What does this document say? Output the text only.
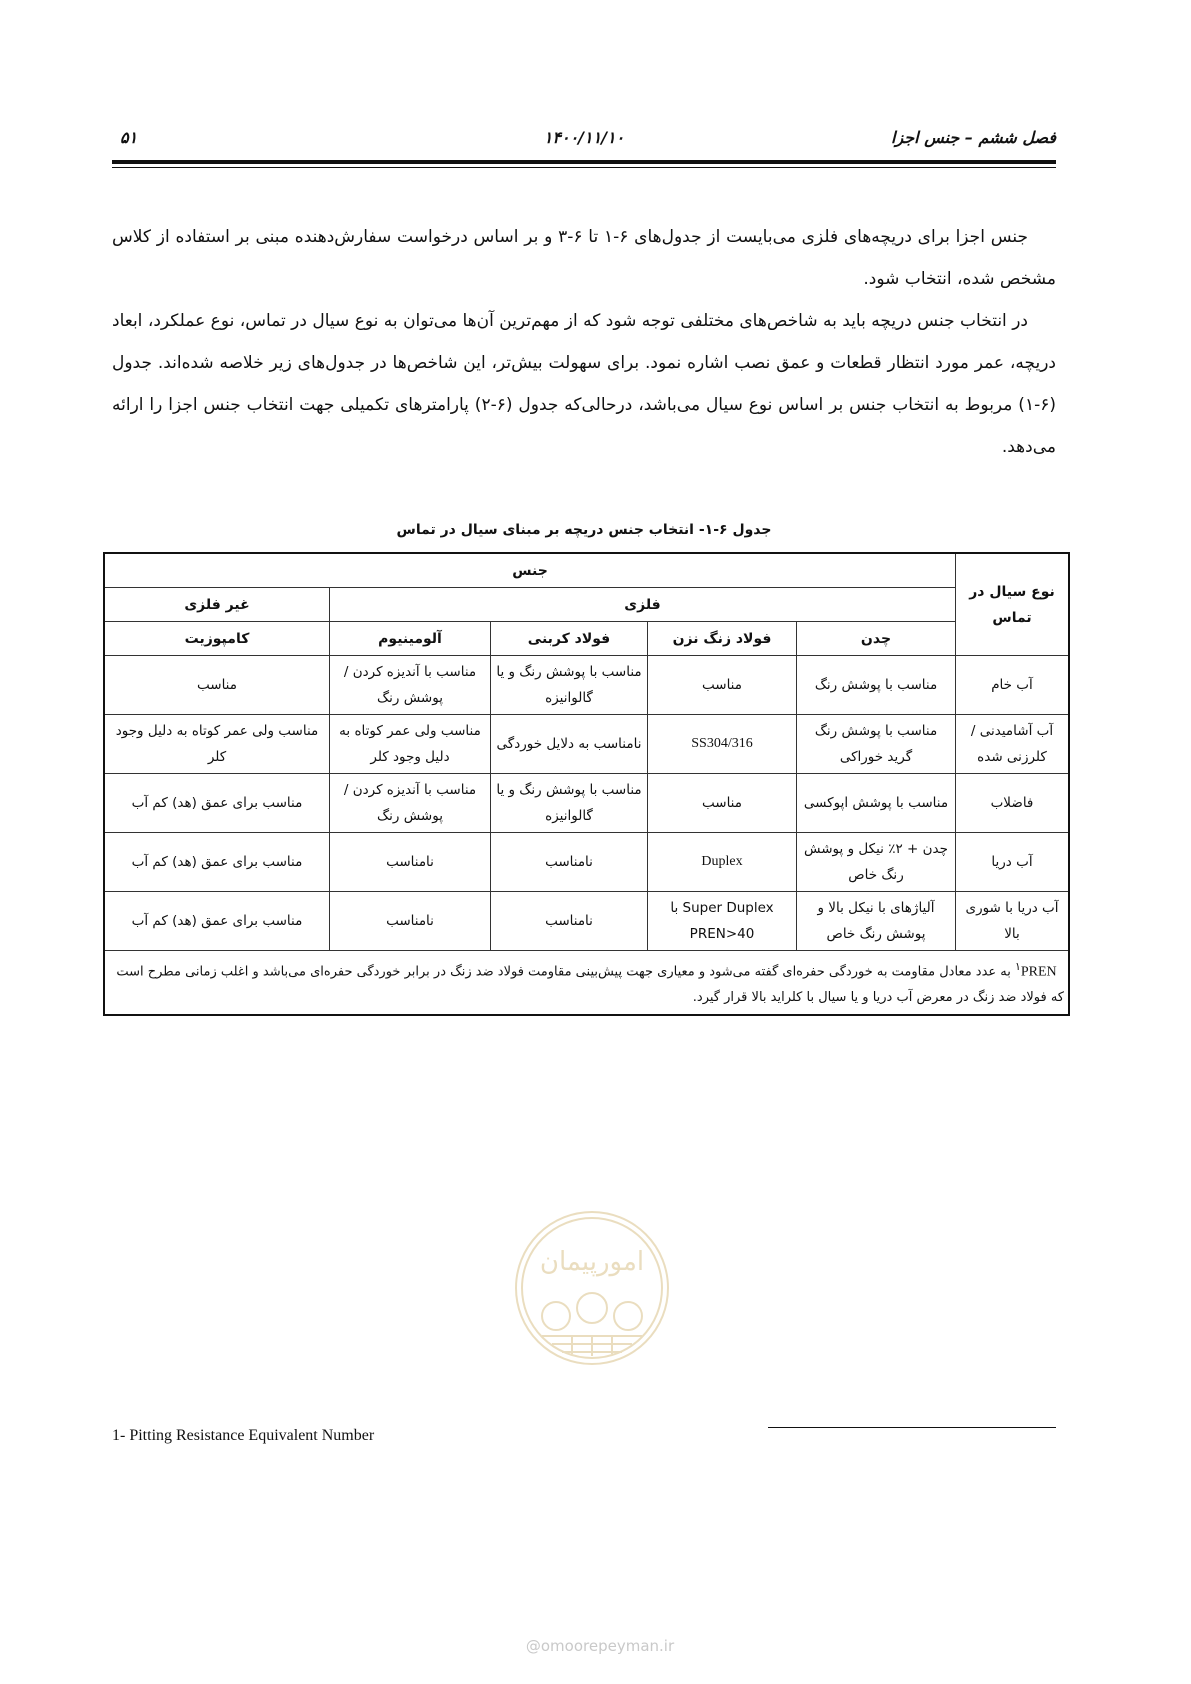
فصل ششم – جنس اجزا
۱۴۰۰/۱۱/۱۰
۵۱

جنس اجزا برای دریچه‌های فلزی می‌بایست از جدول‌های ۶-۱ تا ۶-۳ و بر اساس درخواست سفارش‌دهنده مبنی بر استفاده از کلاس مشخص شده، انتخاب شود.

در انتخاب جنس دریچه باید به شاخص‌های مختلفی توجه شود که از مهم‌ترین آن‌ها می‌توان به نوع سیال در تماس، نوع عملکرد، ابعاد دریچه، عمر مورد انتظار قطعات و عمق نصب اشاره نمود. برای سهولت بیش‌تر، این شاخص‌ها در جدول‌های زیر خلاصه شده‌اند. جدول (۶-۱) مربوط به انتخاب جنس بر اساس نوع سیال می‌باشد، درحالی‌که جدول (۶-۲) پارامترهای تکمیلی جهت انتخاب جنس اجزا را ارائه می‌دهد.

جدول ۶-۱- انتخاب جنس دریچه بر مبنای سیال در تماس
نوع سیال در تماس	جنس				
	فلزی				غیر فلزی
	چدن	فولاد زنگ نزن	فولاد کربنی	آلومینیوم	کامپوزیت
آب خام	مناسب با پوشش رنگ	مناسب	مناسب با پوشش رنگ و یا گالوانیزه	مناسب با آندیزه کردن / پوشش رنگ	مناسب
آب آشامیدنی / کلرزنی شده	مناسب با پوشش رنگ گرید خوراکی	SS304/316	نامناسب به دلایل خوردگی	مناسب ولی عمر کوتاه به دلیل وجود کلر	مناسب ولی عمر کوتاه به دلیل وجود کلر
فاضلاب	مناسب با پوشش اپوکسی	مناسب	مناسب با پوشش رنگ و یا گالوانیزه	مناسب با آندیزه کردن / پوشش رنگ	مناسب برای عمق (هد) کم آب
آب دریا	چدن + ۲٪ نیکل و پوشش رنگ خاص	Duplex	نامناسب	نامناسب	مناسب برای عمق (هد) کم آب
آب دریا با شوری بالا	آلیاژهای با نیکل بالا و پوشش رنگ خاص	Super Duplex با PREN>40	نامناسب	نامناسب	مناسب برای عمق (هد) کم آب
PREN$^۱$ به عدد معادل مقاومت به خوردگی حفره‌ای گفته می‌شود و معیاری جهت پیش‌بینی مقاومت فولاد ضد زنگ در برابر خوردگی حفره‌ای می‌باشد و اغلب زمانی مطرح است که فولاد ضد زنگ در معرض آب دریا و یا سیال با کلراید بالا قرار گیرد.					
1- Pitting Resistance Equivalent Number
امورپیمان
@omoorepeyman.ir
